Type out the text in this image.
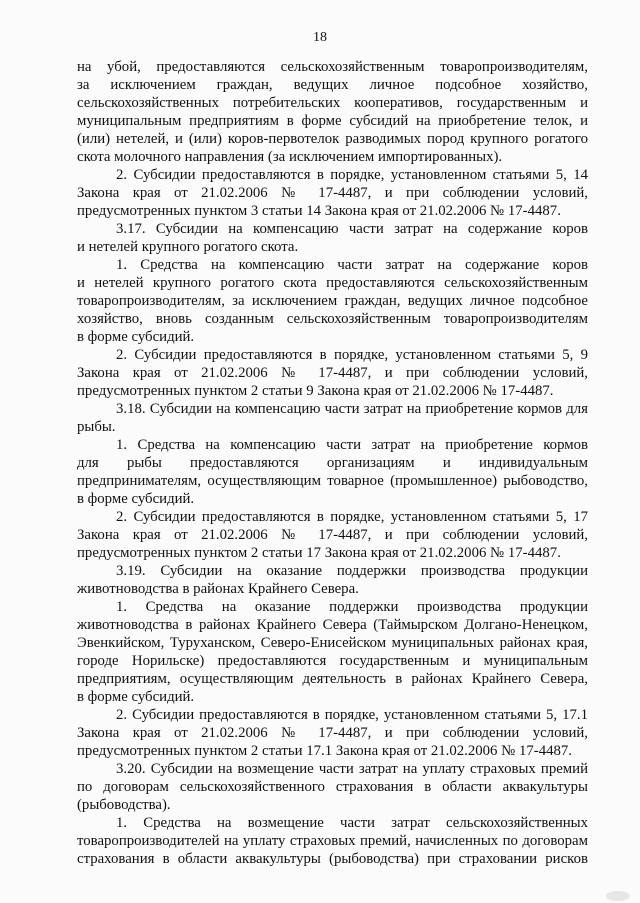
18
на убой, предоставляются сельскохозяйственным товаропроизводителям,
за исключением граждан, ведущих личное подсобное хозяйство,
сельскохозяйственных потребительских кооперативов, государственным и
муниципальным предприятиям в форме субсидий на приобретение телок, и
(или) нетелей, и (или) коров-первотелок разводимых пород крупного рогатого
скота молочного направления (за исключением импортированных).
2. Субсидии предоставляются в порядке, установленном статьями 5, 14
Закона края от 21.02.2006 № 17-4487, и при соблюдении условий,
предусмотренных пунктом 3 статьи 14 Закона края от 21.02.2006 № 17-4487.
3.17. Субсидии на компенсацию части затрат на содержание коров
и нетелей крупного рогатого скота.
1. Средства на компенсацию части затрат на содержание коров
и нетелей крупного рогатого скота предоставляются сельскохозяйственным
товаропроизводителям, за исключением граждан, ведущих личное подсобное
хозяйство, вновь созданным сельскохозяйственным товаропроизводителям
в форме субсидий.
2. Субсидии предоставляются в порядке, установленном статьями 5, 9
Закона края от 21.02.2006 № 17-4487, и при соблюдении условий,
предусмотренных пунктом 2 статьи 9 Закона края от 21.02.2006 № 17-4487.
3.18. Субсидии на компенсацию части затрат на приобретение кормов для
рыбы.
1. Средства на компенсацию части затрат на приобретение кормов
для рыбы предоставляются организациям и индивидуальным
предпринимателям, осуществляющим товарное (промышленное) рыбоводство,
в форме субсидий.
2. Субсидии предоставляются в порядке, установленном статьями 5, 17
Закона края от 21.02.2006 № 17-4487, и при соблюдении условий,
предусмотренных пунктом 2 статьи 17 Закона края от 21.02.2006 № 17-4487.
3.19. Субсидии на оказание поддержки производства продукции
животноводства в районах Крайнего Севера.
1. Средства на оказание поддержки производства продукции
животноводства в районах Крайнего Севера (Таймырском Долгано-Ненецком,
Эвенкийском, Туруханском, Северо-Енисейском муниципальных районах края,
городе Норильске) предоставляются государственным и муниципальным
предприятиям, осуществляющим деятельность в районах Крайнего Севера,
в форме субсидий.
2. Субсидии предоставляются в порядке, установленном статьями 5, 17.1
Закона края от 21.02.2006 № 17-4487, и при соблюдении условий,
предусмотренных пунктом 2 статьи 17.1 Закона края от 21.02.2006 № 17-4487.
3.20. Субсидии на возмещение части затрат на уплату страховых премий
по договорам сельскохозяйственного страхования в области аквакультуры
(рыбоводства).
1. Средства на возмещение части затрат сельскохозяйственных
товаропроизводителей на уплату страховых премий, начисленных по договорам
страхования в области аквакультуры (рыбоводства) при страховании рисков
